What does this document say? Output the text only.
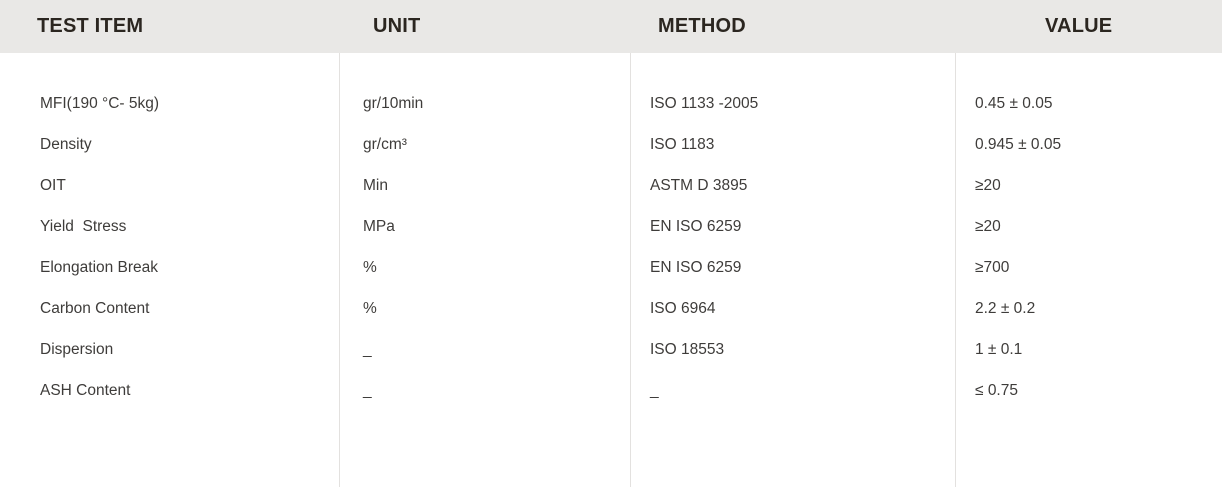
TEST ITEM	UNIT	METHOD	VALUE
MFI(190 °C- 5kg)	gr/10min	ISO 1133 -2005	0.45 ± 0.05
Density	gr/cm³	ISO 1183	0.945 ± 0.05
OIT	Min	ASTM D 3895	≥20
Yield  Stress	MPa	EN ISO 6259	≥20
Elongation Break	%	EN ISO 6259	≥700
Carbon Content	%	ISO 6964	2.2 ± 0.2
Dispersion	_	ISO 18553	1 ± 0.1
ASH Content	_	_	≤ 0.75
